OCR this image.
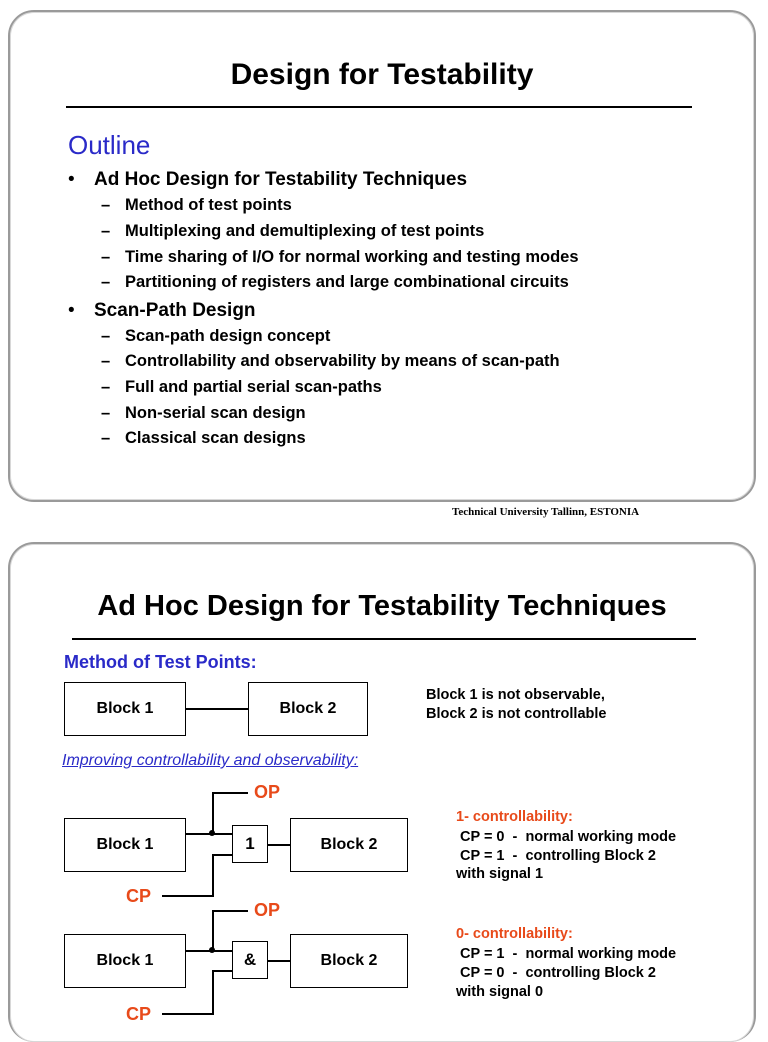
Design for Testability
Outline
• Ad Hoc Design for Testability Techniques
– Method of test points
– Multiplexing and demultiplexing of test points
– Time sharing of I/O for normal working and testing modes
– Partitioning of registers and large combinational circuits
• Scan-Path Design
– Scan-path design concept
– Controllability and observability by means of scan-path
– Full and partial serial scan-paths
– Non-serial scan design
– Classical scan designs
Technical University Tallinn, ESTONIA
Ad Hoc Design for Testability Techniques
Method of Test Points:
Block 1	Block 2
Block 1 is not observable,
Block 2 is not controllable
Improving controllability and observability:
OP
Block 1	1	Block 2
CP
1- controllability:
CP = 0  -  normal working mode
CP = 1  -  controlling Block 2
with signal 1
OP
Block 1	&	Block 2
CP
0- controllability:
CP = 1  -  normal working mode
CP = 0  -  controlling Block 2
with signal 0
